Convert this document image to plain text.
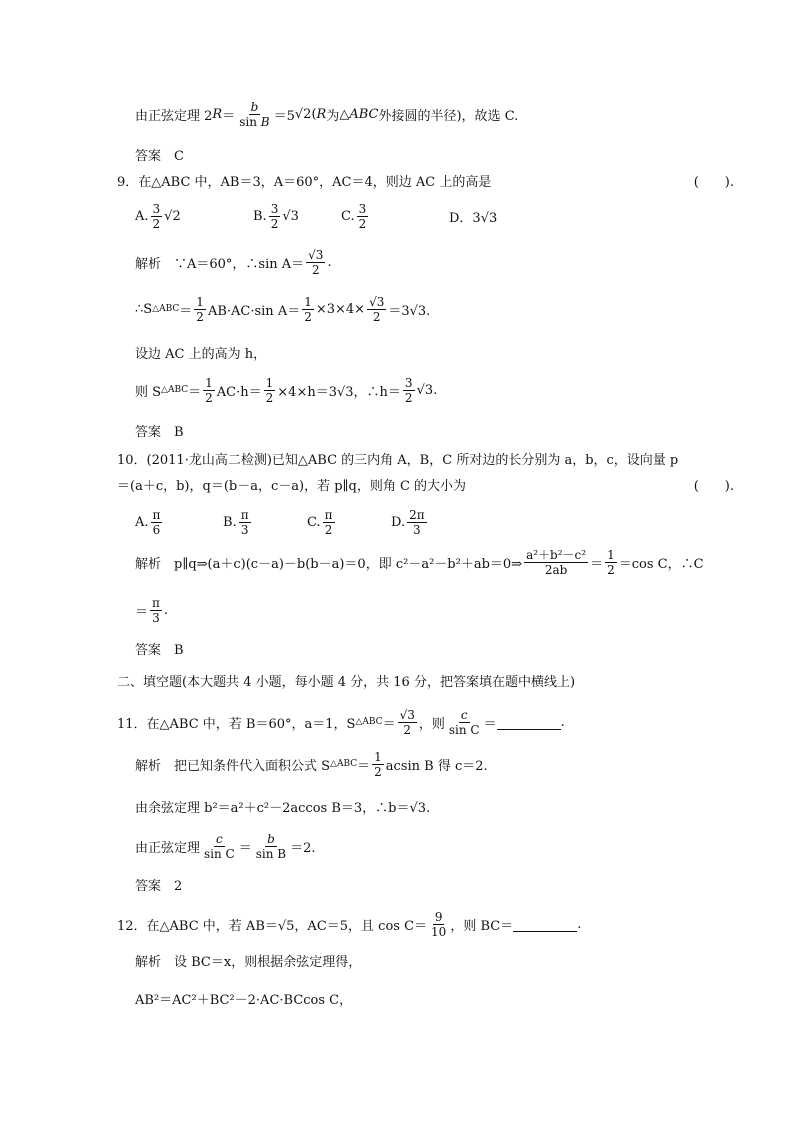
由正弦定理 2 $R = \frac{b}{\text{sin B}} =5$ √2 ( R 为 △ABC 外接圆的半径)，故选 C.
答案　C
9．在△ABC 中，AB＝3，A＝60°，AC＝4，则边 AC 上的高是	(　　).
A. $\frac{3}{2} √2$	B. $\frac{3}{2} √3$	C. $\frac{3}{2}$	D．3√3
解析　∵A＝60°，∴sin $A= \frac{√3}{2}$ .
∴S △ABC ＝ $\frac{1}{2} AB\cdot AC\cdot\sin$ $A= \frac{1}{2} \times 3\times 4\times \frac{√3}{2} =3√3$.
设边 AC 上的高为 h，
则 S △ABC ＝ $\frac{1}{2} AC\cdot h= \frac{1}{2} \times 4\times h=3√3$，∴h＝ $\frac{3}{2} √3$.
答案　B
10．(2011·龙山高二检测)已知△ABC 的三内角 A，B，C 所对边的长分别为 a，b，c，设向量 p
＝(a＋c，b)，q＝(b－a，c－a)，若 p∥q，则角 C 的大小为	(　　).
A. $\frac{\pi}{6}$	B. $\frac{\pi}{3}$	C. $\frac{\pi}{2}$	D. $\frac{2\pi}{3}$
解析　p∥q⇒(a＋c)(c－a)－b(b－a)＝0，即 c²－a²－b²＋ab＝0⇒ $\frac{\text{a²＋b²－c²}}{2ab} = \frac{1}{2} =\cos$ C，∴C
＝ $\frac{\pi}{3}$ .
答案　B
二、填空题(本大题共 4 小题，每小题 4 分，共 16 分，把答案填在题中横线上)
11．在△ABC 中，若 B＝60°，a＝1，S △ABC ＝ $\frac{√3}{2}$ ，则 $\frac{c}{\text{sin C}}$ ＝	.
解析　把已知条件代入面积公式 S △ABC ＝ $\frac{1}{2}$ acsin B 得 c＝2.
由余弦定理 b²＝a²＋c²－2accos B＝3，∴b＝√3.
由正弦定理 $\frac{c}{\text{sin C}} = \frac{b}{\text{sin B}} =2$.
答案　2
12．在△ABC 中，若 AB＝√5，AC＝5，且 $\cos C= \frac{9}{10}$ ，则 BC＝	.
解析　设 BC＝x，则根据余弦定理得，
AB²＝AC²＋BC²－2·AC·BCcos C，
